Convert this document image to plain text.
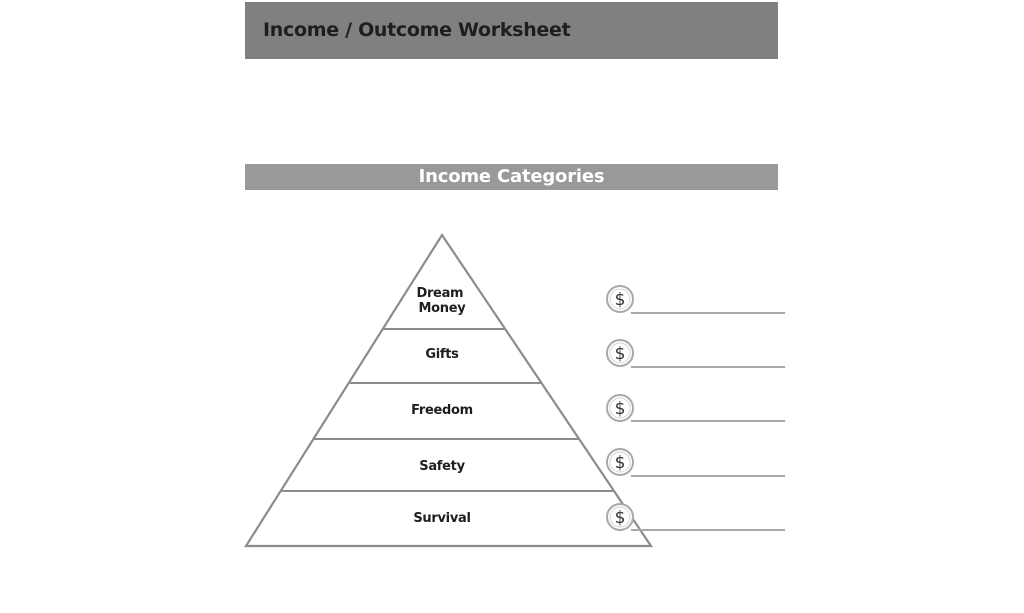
Income / Outcome Worksheet
Income Categories
Dream Money
Gifts
Freedom
Safety
Survival
$
$
$
$
$
